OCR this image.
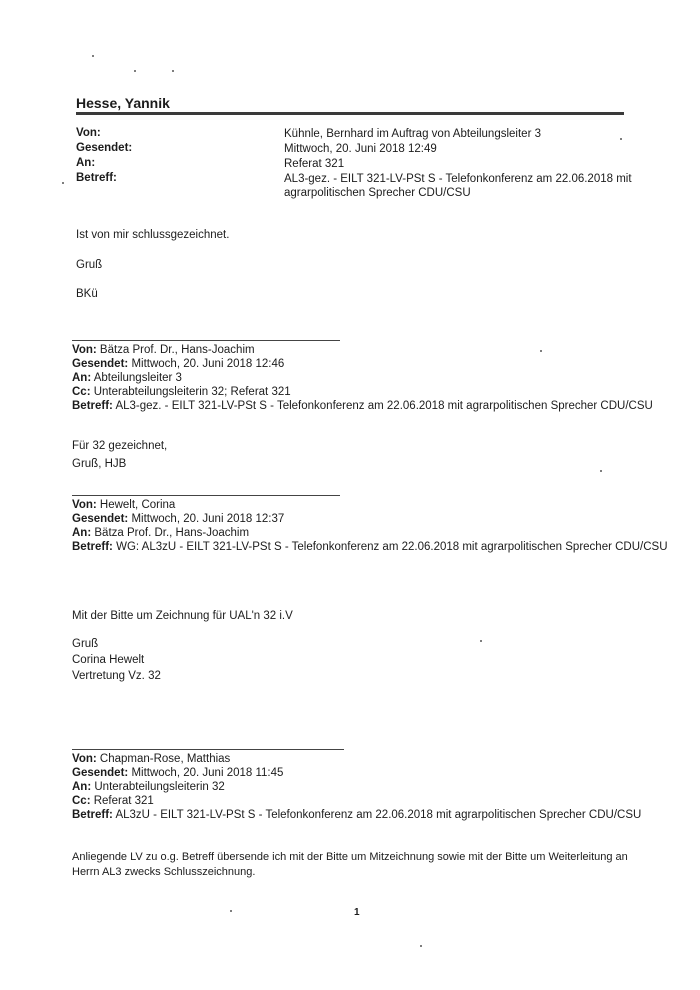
Hesse, Yannik
Von:	Kühnle, Bernhard im Auftrag von Abteilungsleiter 3
Gesendet:	Mittwoch, 20. Juni 2018 12:49
An:	Referat 321
Betreff:	AL3-gez. - EILT 321-LV-PSt S - Telefonkonferenz am 22.06.2018 mit
agrarpolitischen Sprecher CDU/CSU
Ist von mir schlussgezeichnet.
Gruß
BKü
Von: Bätza Prof. Dr., Hans-Joachim
Gesendet: Mittwoch, 20. Juni 2018 12:46
An: Abteilungsleiter 3
Cc: Unterabteilungsleiterin 32; Referat 321
Betreff: AL3-gez. - EILT 321-LV-PSt S - Telefonkonferenz am 22.06.2018 mit agrarpolitischen Sprecher CDU/CSU
Für 32 gezeichnet,
Gruß, HJB
Von: Hewelt, Corina
Gesendet: Mittwoch, 20. Juni 2018 12:37
An: Bätza Prof. Dr., Hans-Joachim
Betreff: WG: AL3zU - EILT 321-LV-PSt S - Telefonkonferenz am 22.06.2018 mit agrarpolitischen Sprecher CDU/CSU
Mit der Bitte um Zeichnung für UAL'n 32 i.V
Gruß
Corina Hewelt
Vertretung Vz. 32
Von: Chapman-Rose, Matthias
Gesendet: Mittwoch, 20. Juni 2018 11:45
An: Unterabteilungsleiterin 32
Cc: Referat 321
Betreff: AL3zU - EILT 321-LV-PSt S - Telefonkonferenz am 22.06.2018 mit agrarpolitischen Sprecher CDU/CSU
Anliegende LV zu o.g. Betreff übersende ich mit der Bitte um Mitzeichnung sowie mit der Bitte um Weiterleitung an
Herrn AL3 zwecks Schlusszeichnung.
1
